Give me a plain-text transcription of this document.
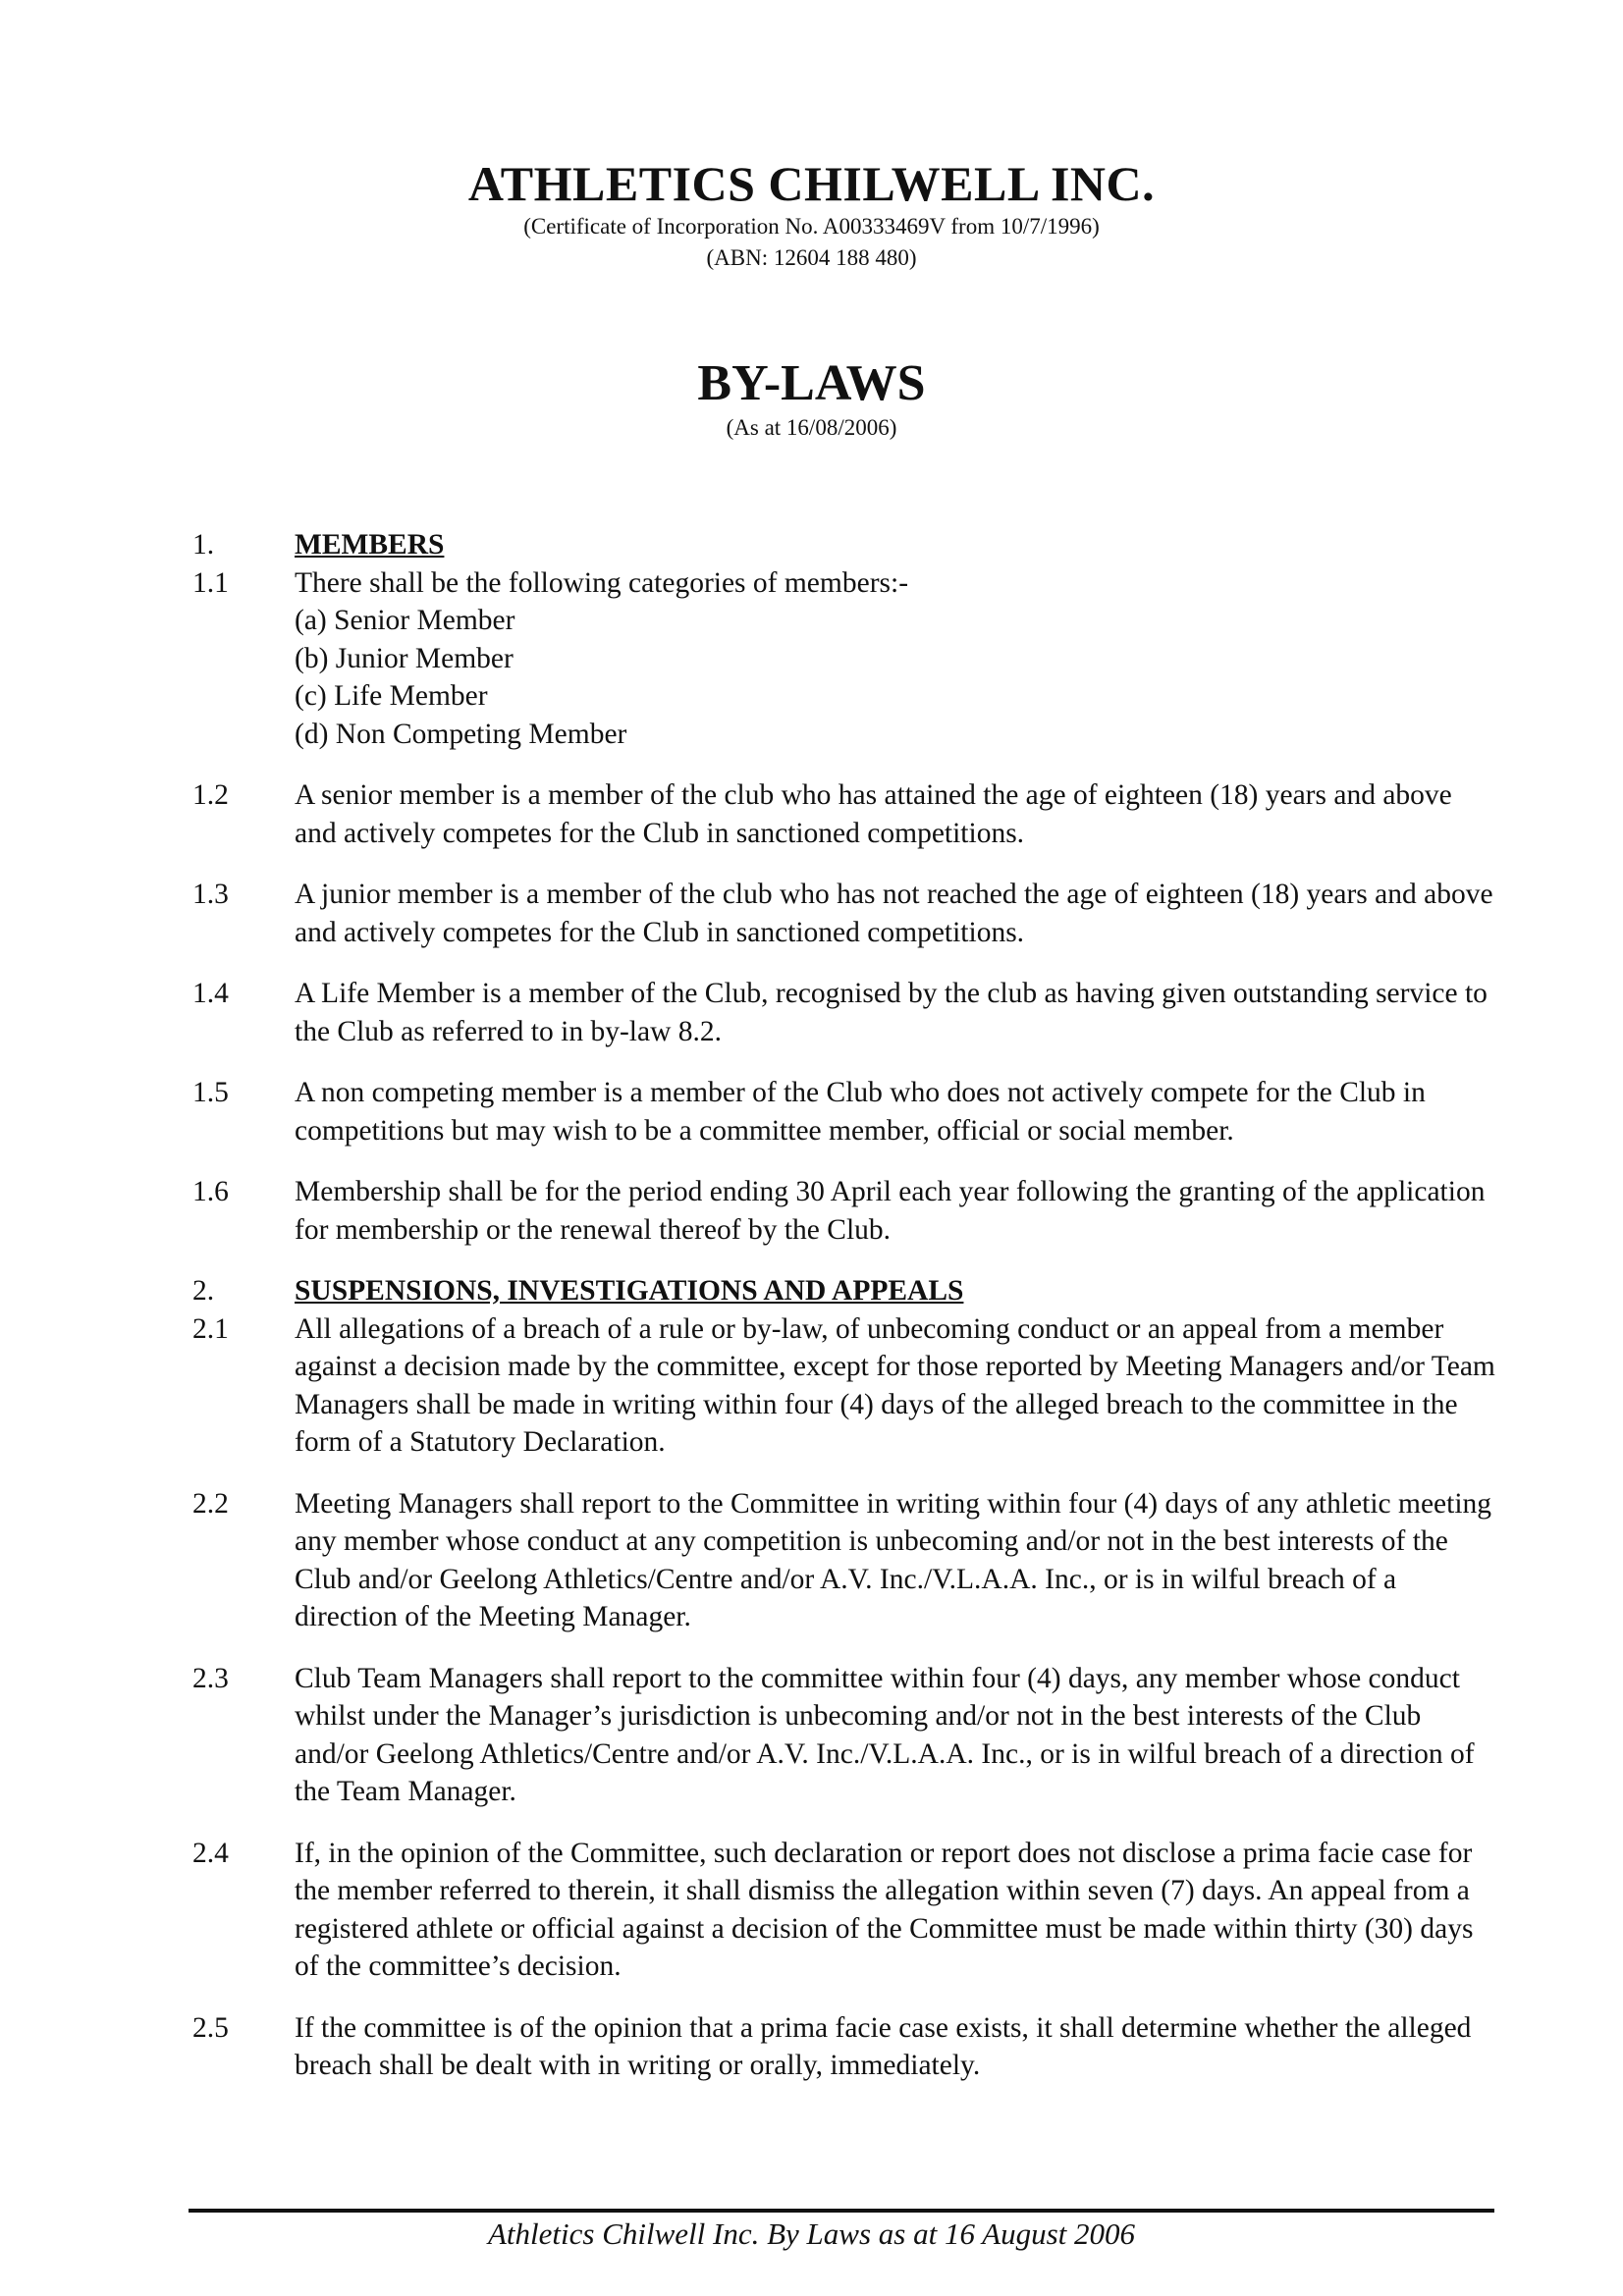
ATHLETICS CHILWELL INC.

(Certificate of Incorporation No. A00333469V from 10/7/1996)

(ABN: 12604 188 480)

BY-LAWS

(As at 16/08/2006)

1.	MEMBERS
1.1	There shall be the following categories of members:-
(a) Senior Member
(b) Junior Member
(c) Life Member
(d) Non Competing Member
1.2	A senior member is a member of the club who has attained the age of eighteen (18) years and above and actively competes for the Club in sanctioned competitions.
1.3	A junior member is a member of the club who has not reached the age of eighteen (18) years and above and actively competes for the Club in sanctioned competitions.
1.4	A Life Member is a member of the Club, recognised by the club as having given outstanding service to the Club as referred to in by-law 8.2.
1.5	A non competing member is a member of the Club who does not actively compete for the Club in competitions but may wish to be a committee member, official or social member.
1.6	Membership shall be for the period ending 30 April each year following the granting of the application for membership or the renewal thereof by the Club.
2.	SUSPENSIONS, INVESTIGATIONS AND APPEALS
2.1	All allegations of a breach of a rule or by-law, of unbecoming conduct or an appeal from a member against a decision made by the committee, except for those reported by Meeting Managers and/or Team Managers shall be made in writing within four (4) days of the alleged breach to the committee in the form of a Statutory Declaration.
2.2	Meeting Managers shall report to the Committee in writing within four (4) days of any athletic meeting any member whose conduct at any competition is unbecoming and/or not in the best interests of the Club and/or Geelong Athletics/Centre and/or A.V. Inc./V.L.A.A. Inc., or is in wilful breach of a direction of the Meeting Manager.
2.3	Club Team Managers shall report to the committee within four (4) days, any member whose conduct whilst under the Manager’s jurisdiction is unbecoming and/or not in the best interests of the Club and/or Geelong Athletics/Centre and/or A.V. Inc./V.L.A.A. Inc., or is in wilful breach of a direction of the Team Manager.
2.4	If, in the opinion of the Committee, such declaration or report does not disclose a prima facie case for the member referred to therein, it shall dismiss the allegation within seven (7) days. An appeal from a registered athlete or official against a decision of the Committee must be made within thirty (30) days of the committee’s decision.
2.5	If the committee is of the opinion that a prima facie case exists, it shall determine whether the alleged breach shall be dealt with in writing or orally, immediately.
Athletics Chilwell Inc. By Laws as at 16 August 2006
